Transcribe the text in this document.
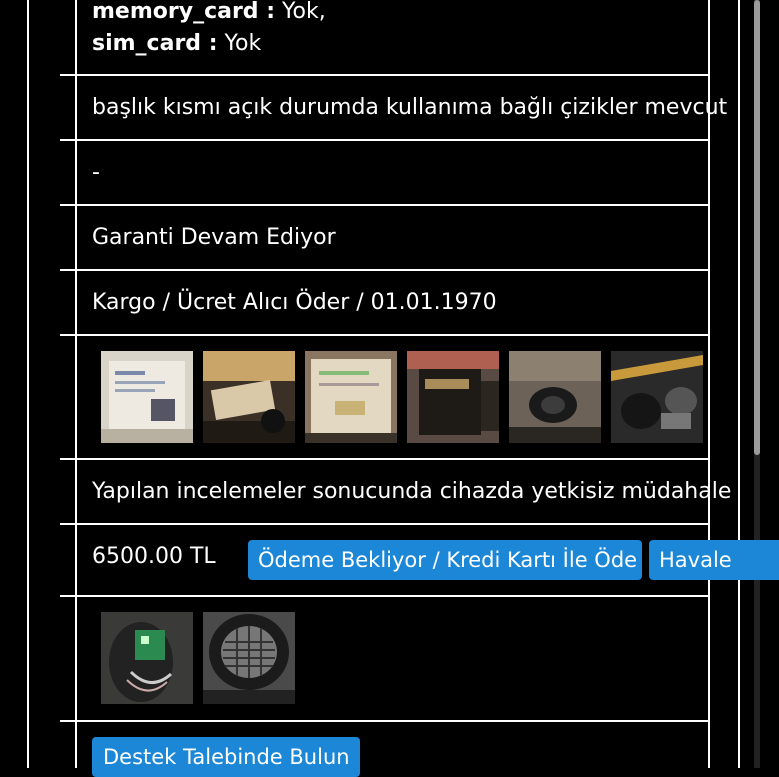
memory_card : Yok,
sim_card : Yok
başlık kısmı açık durumda kullanıma bağlı çizikler mevcut
-
Garanti Devam Ediyor
Kargo / Ücret Alıcı Öder / 01.01.1970
Yapılan incelemeler sonucunda cihazda yetkisiz müdahale
6500.00 TL	Ödeme Bekliyor / Kredi Kartı İle Öde	Havale
Destek Talebinde Bulun
